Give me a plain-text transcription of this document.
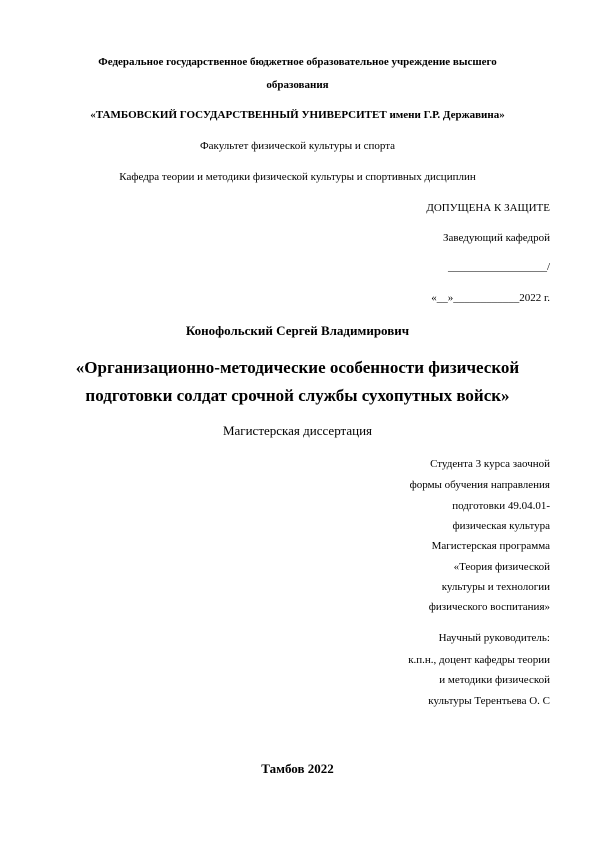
Федеральное государственное бюджетное образовательное учреждение высшего
образования
«ТАМБОВСКИЙ ГОСУДАРСТВЕННЫЙ УНИВЕРСИТЕТ имени Г.Р. Державина»
Факультет физической культуры и спорта
Кафедра теории и методики физической культуры и спортивных дисциплин
ДОПУЩЕНА К ЗАЩИТЕ
Заведующий кафедрой
__________________/
«__»____________2022 г.
Конофольский Сергей Владимирович
«Организационно-методические особенности физической
подготовки солдат срочной службы сухопутных войск»
Магистерская диссертация
Студента 3 курса заочной
формы обучения направления
подготовки 49.04.01-
физическая культура
Магистерская программа
«Теория физической
культуры и технологии
физического воспитания»
Научный руководитель:
к.п.н., доцент кафедры теории
и методики физической
культуры Терентьева О. С
Тамбов 2022
